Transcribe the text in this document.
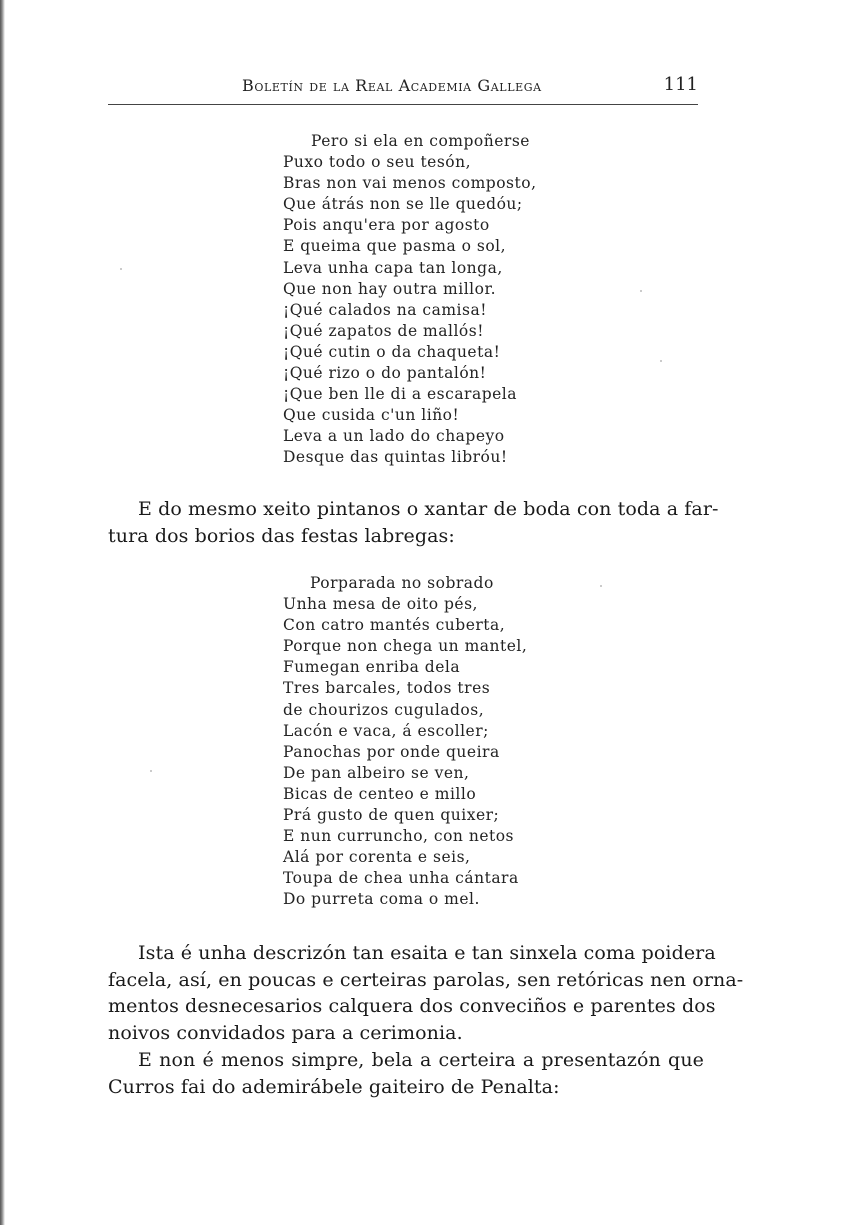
Boletín de la Real Academia Gallega	111
Pero si ela en compoñerse
Puxo todo o seu tesón,
Bras non vai menos composto,
Que átrás non se lle quedóu;
Pois anqu'era por agosto
E queima que pasma o sol,
Leva unha capa tan longa,
Que non hay outra millor.
¡Qué calados na camisa!
¡Qué zapatos de mallós!
¡Qué cutin o da chaqueta!
¡Qué rizo o do pantalón!
¡Que ben lle di a escarapela
Que cusida c'un liño!
Leva a un lado do chapeyo
Desque das quintas libróu!
E do mesmo xeito pintanos o xantar de boda con toda a far-
tura dos borios das festas labregas:
Porparada no sobrado
Unha mesa de oito pés,
Con catro mantés cuberta,
Porque non chega un mantel,
Fumegan enriba dela
Tres barcales, todos tres
de chourizos cugulados,
Lacón e vaca, á escoller;
Panochas por onde queira
De pan albeiro se ven,
Bicas de centeo e millo
Prá gusto de quen quixer;
E nun curruncho, con netos
Alá por corenta e seis,
Toupa de chea unha cántara
Do purreta coma o mel.
Ista é unha descrizón tan esaita e tan sinxela coma poidera
facela, así, en poucas e certeiras parolas, sen retóricas nen orna-
mentos desnecesarios calquera dos conveciños e parentes dos
noivos convidados para a cerimonia.
E non é menos simpre, bela a certeira a presentazón que
Curros fai do ademirábele gaiteiro de Penalta:
